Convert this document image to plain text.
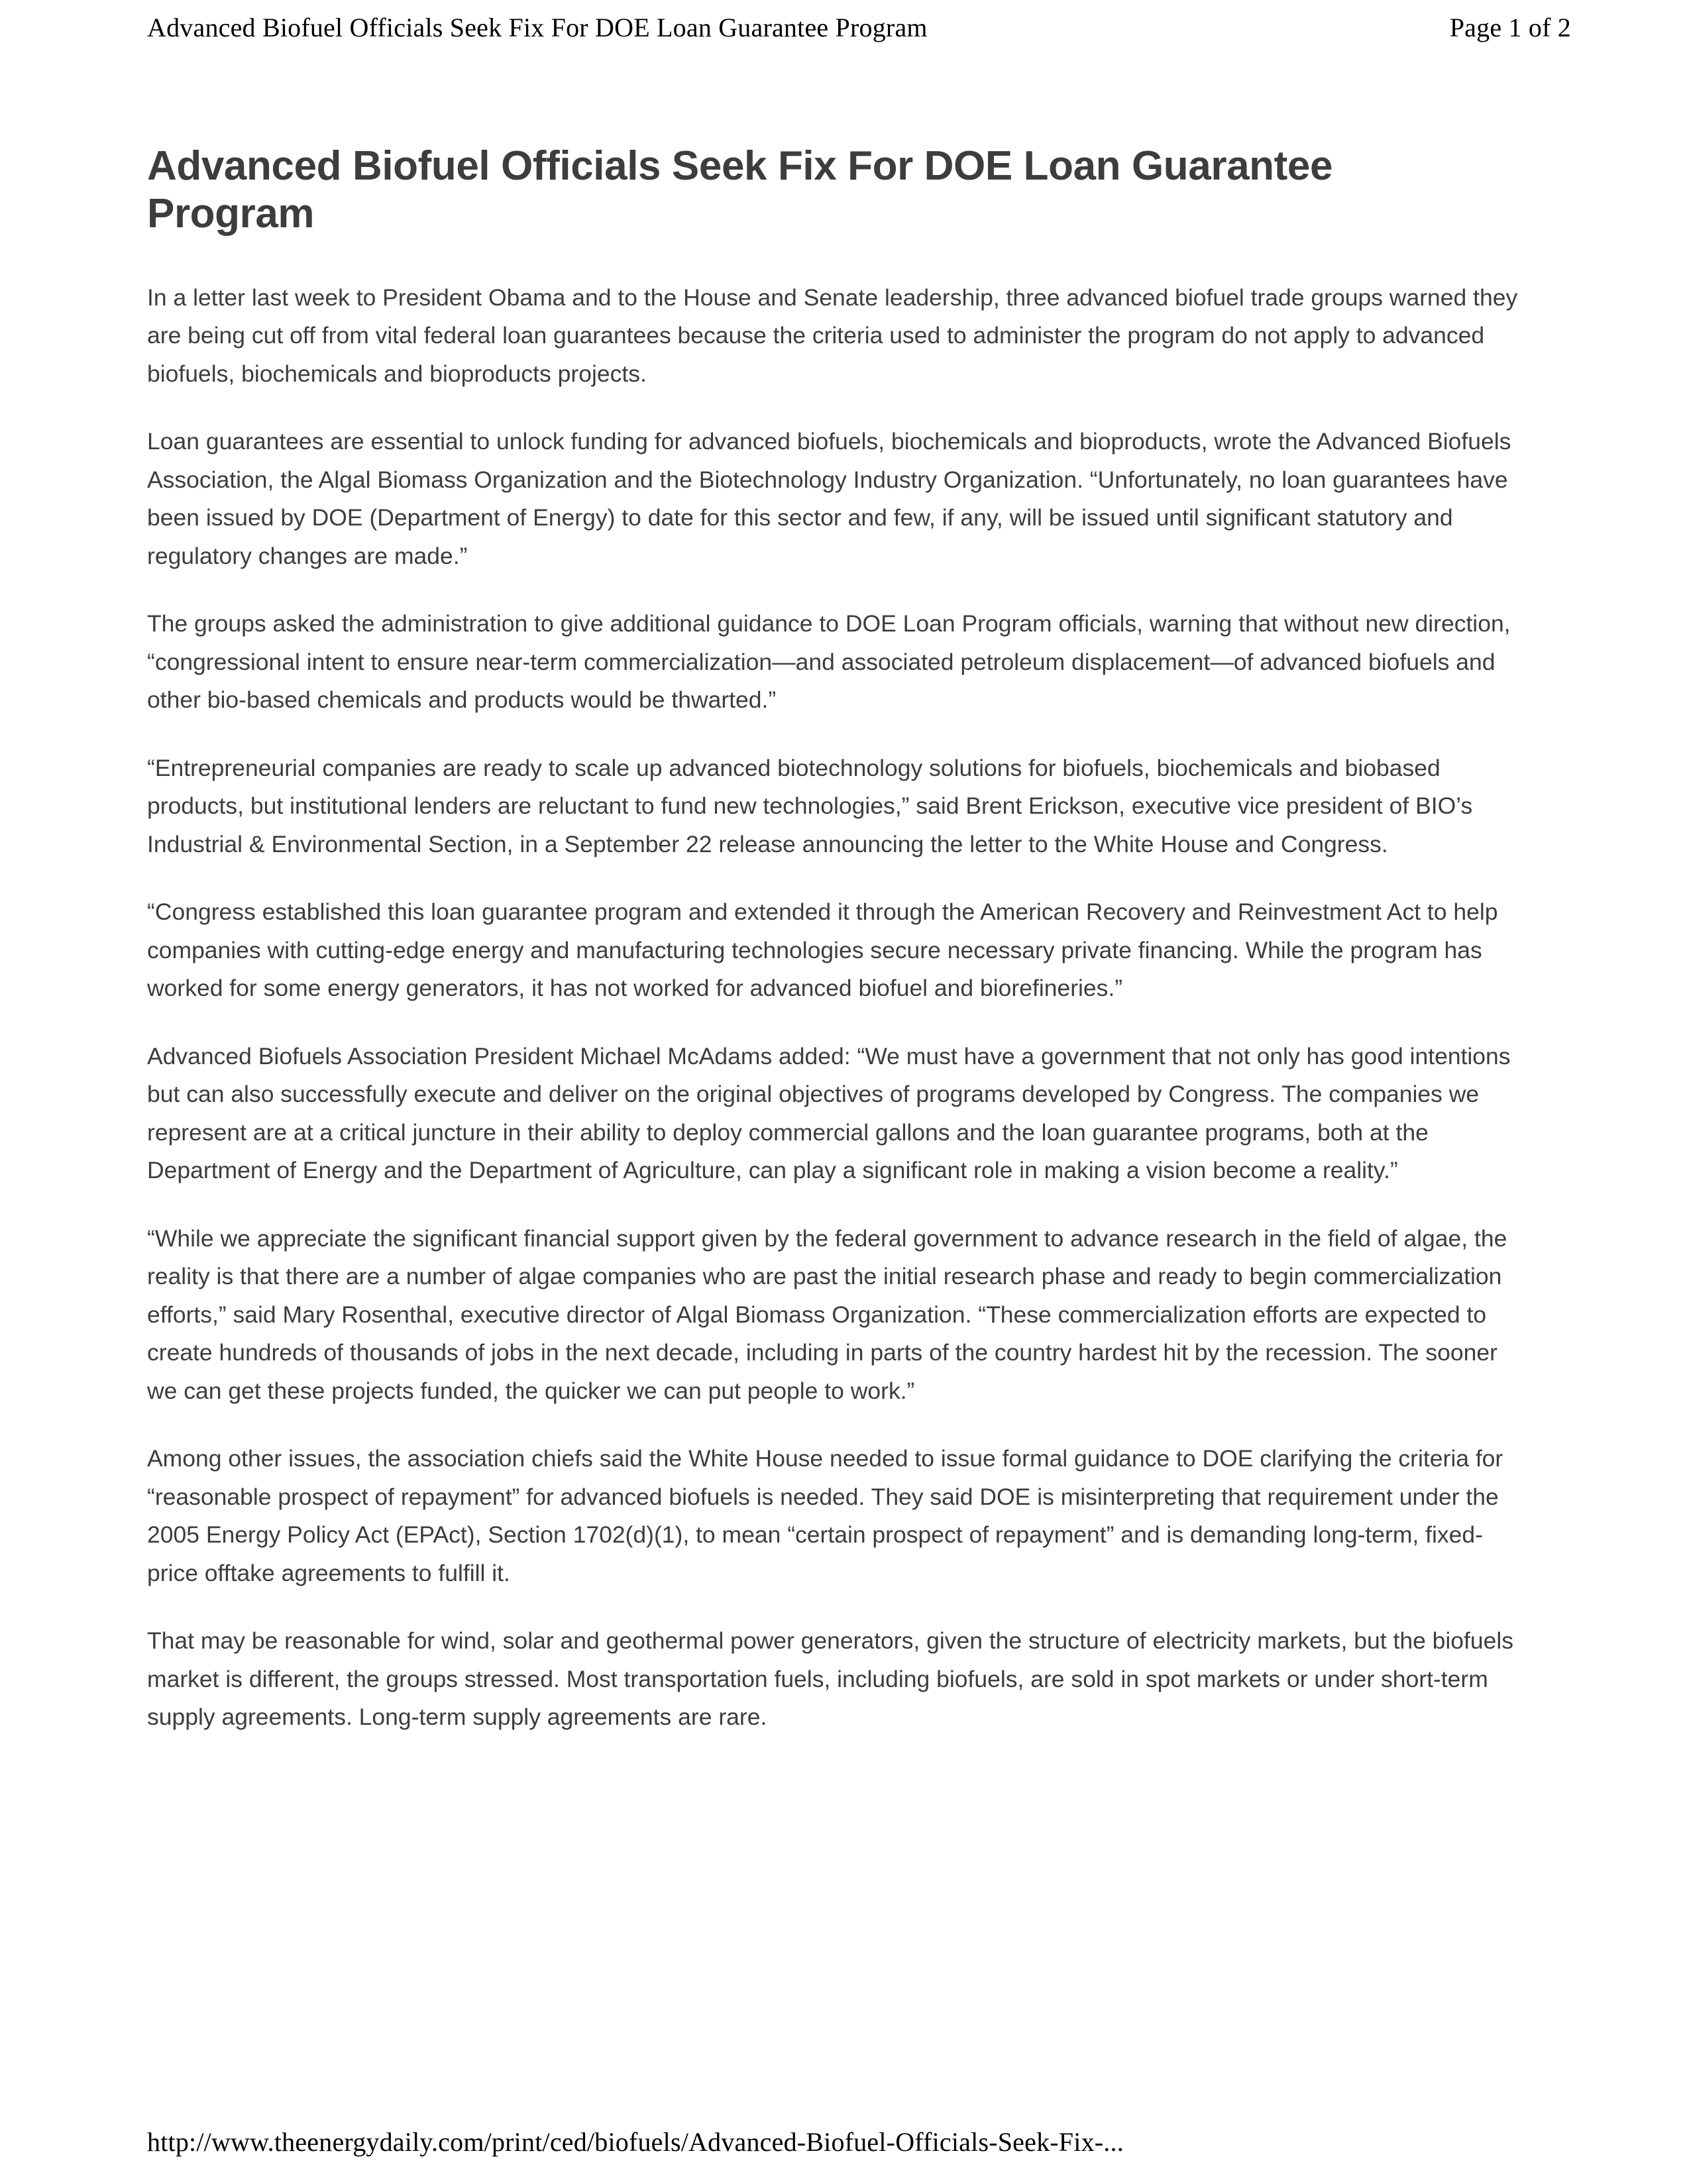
Advanced Biofuel Officials Seek Fix For DOE Loan Guarantee Program	Page 1 of 2
Advanced Biofuel Officials Seek Fix For DOE Loan Guarantee Program

In a letter last week to President Obama and to the House and Senate leadership, three advanced biofuel trade groups warned they are being cut off from vital federal loan guarantees because the criteria used to administer the program do not apply to advanced biofuels, biochemicals and bioproducts projects.

Loan guarantees are essential to unlock funding for advanced biofuels, biochemicals and bioproducts, wrote the Advanced Biofuels Association, the Algal Biomass Organization and the Biotechnology Industry Organization. “Unfortunately, no loan guarantees have been issued by DOE (Department of Energy) to date for this sector and few, if any, will be issued until significant statutory and regulatory changes are made.”

The groups asked the administration to give additional guidance to DOE Loan Program officials, warning that without new direction, “congressional intent to ensure near-term commercialization—and associated petroleum displacement—of advanced biofuels and other bio-based chemicals and products would be thwarted.”

“Entrepreneurial companies are ready to scale up advanced biotechnology solutions for biofuels, biochemicals and biobased products, but institutional lenders are reluctant to fund new technologies,” said Brent Erickson, executive vice president of BIO’s Industrial & Environmental Section, in a September 22 release announcing the letter to the White House and Congress.

“Congress established this loan guarantee program and extended it through the American Recovery and Reinvestment Act to help companies with cutting-edge energy and manufacturing technologies secure necessary private financing. While the program has worked for some energy generators, it has not worked for advanced biofuel and biorefineries.”

Advanced Biofuels Association President Michael McAdams added: “We must have a government that not only has good intentions but can also successfully execute and deliver on the original objectives of programs developed by Congress. The companies we represent are at a critical juncture in their ability to deploy commercial gallons and the loan guarantee programs, both at the Department of Energy and the Department of Agriculture, can play a significant role in making a vision become a reality.”

“While we appreciate the significant financial support given by the federal government to advance research in the field of algae, the reality is that there are a number of algae companies who are past the initial research phase and ready to begin commercialization efforts,” said Mary Rosenthal, executive director of Algal Biomass Organization. “These commercialization efforts are expected to create hundreds of thousands of jobs in the next decade, including in parts of the country hardest hit by the recession. The sooner we can get these projects funded, the quicker we can put people to work.”

Among other issues, the association chiefs said the White House needed to issue formal guidance to DOE clarifying the criteria for “reasonable prospect of repayment” for advanced biofuels is needed. They said DOE is misinterpreting that requirement under the 2005 Energy Policy Act (EPAct), Section 1702(d)(1), to mean “certain prospect of repayment” and is demanding long-term, fixed-price offtake agreements to fulfill it.

That may be reasonable for wind, solar and geothermal power generators, given the structure of electricity markets, but the biofuels market is different, the groups stressed. Most transportation fuels, including biofuels, are sold in spot markets or under short-term supply agreements. Long-term supply agreements are rare.

http://www.theenergydaily.com/print/ced/biofuels/Advanced-Biofuel-Officials-Seek-Fix-...
